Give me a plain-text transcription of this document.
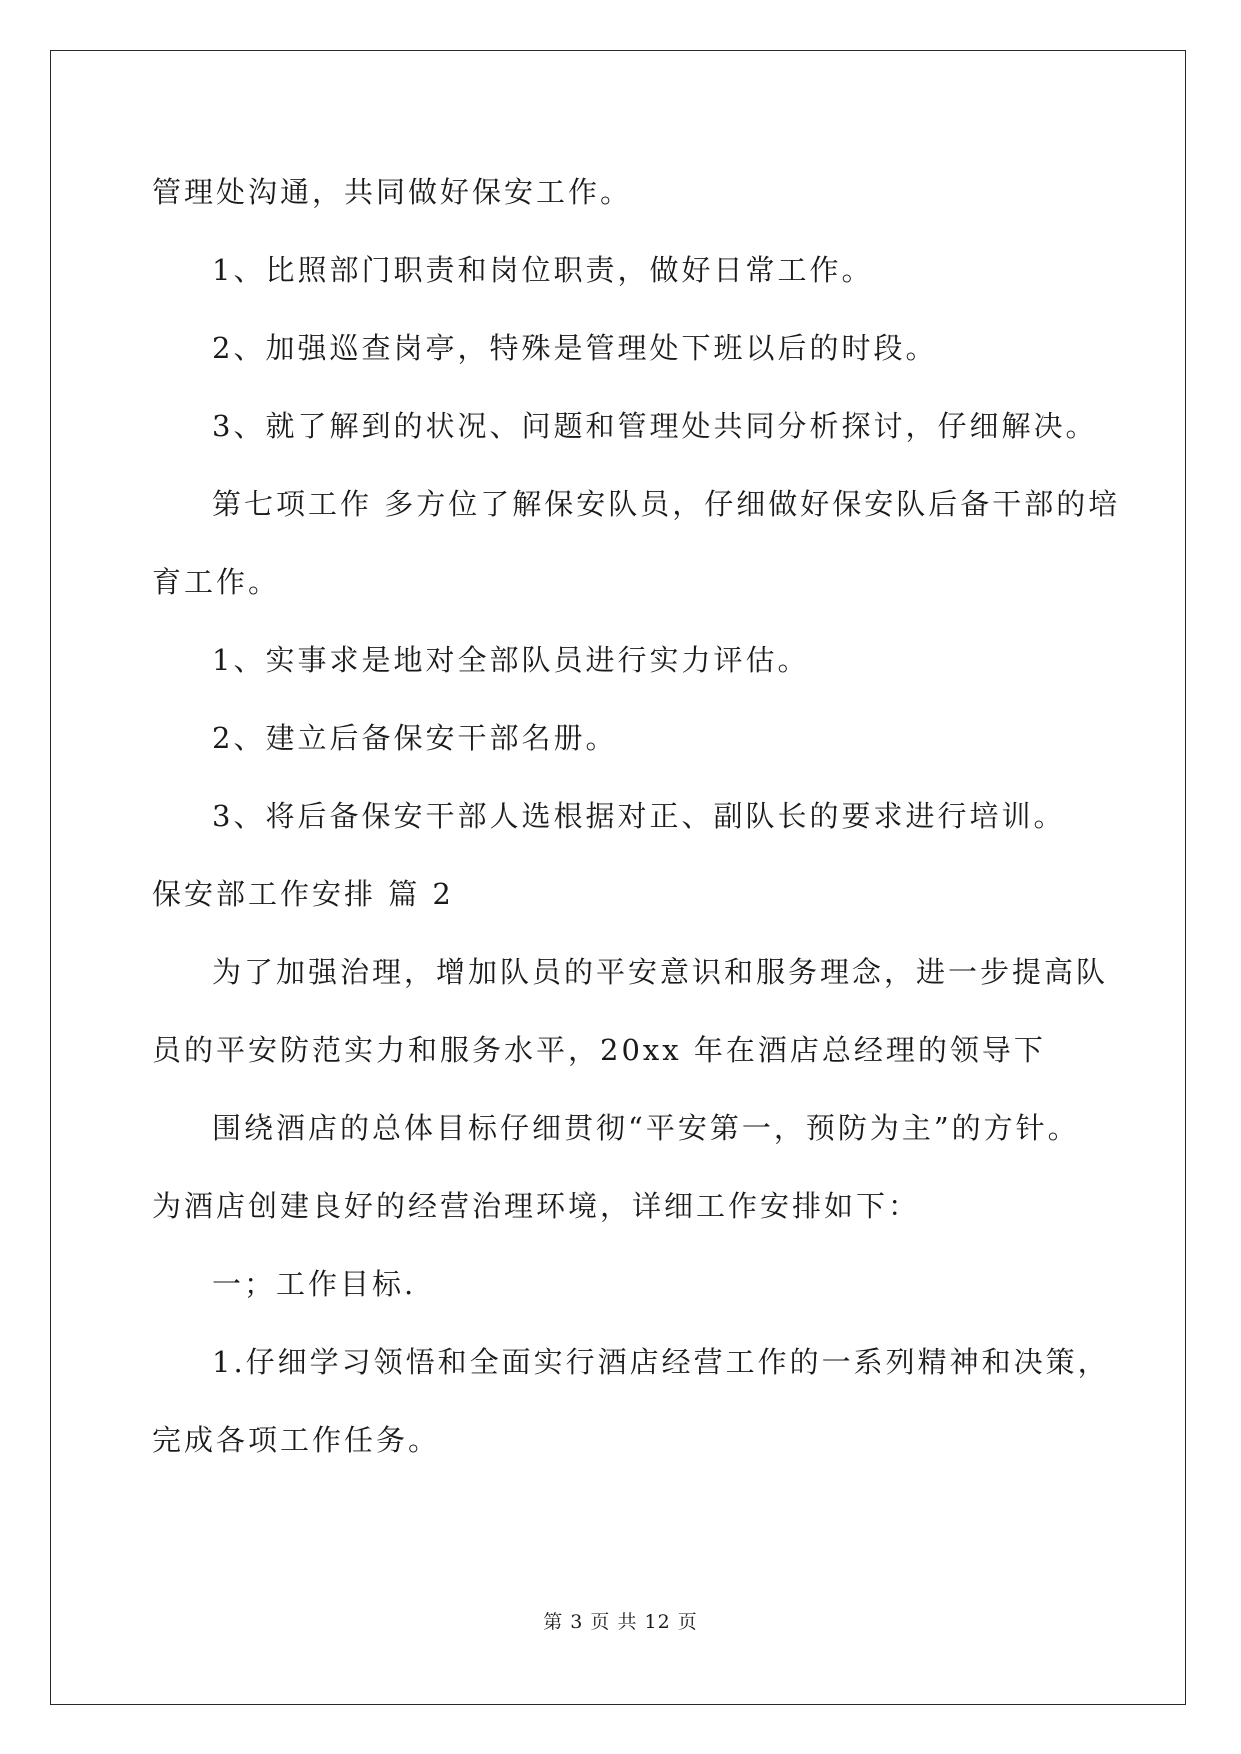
管理处沟通，共同做好保安工作。
1、比照部门职责和岗位职责，做好日常工作。
2、加强巡查岗亭，特殊是管理处下班以后的时段。
3、就了解到的状况、问题和管理处共同分析探讨，仔细解决。
第七项工作 多方位了解保安队员，仔细做好保安队后备干部的培
育工作。
1、实事求是地对全部队员进行实力评估。
2、建立后备保安干部名册。
3、将后备保安干部人选根据对正、副队长的要求进行培训。
保安部工作安排 篇 2
为了加强治理，增加队员的平安意识和服务理念，进一步提高队
员的平安防范实力和服务水平，20xx 年在酒店总经理的领导下
围绕酒店的总体目标仔细贯彻“平安第一，预防为主”的方针。
为酒店创建良好的经营治理环境，详细工作安排如下：
一；工作目标.
1.仔细学习领悟和全面实行酒店经营工作的一系列精神和决策，
完成各项工作任务。
第 3 页 共 12 页
